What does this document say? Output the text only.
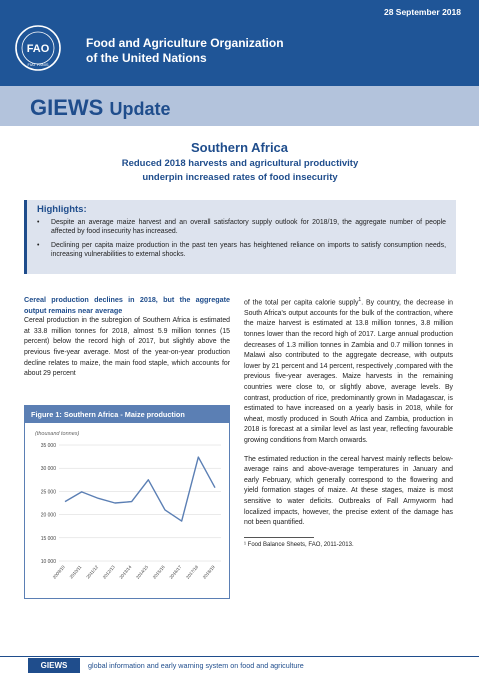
28 September 2018
FAO
FIAT PANIS
Food and Agriculture Organization
of the United Nations
GIEWS Update
Southern Africa
Reduced 2018 harvests and agricultural productivity
underpin increased rates of food insecurity
Highlights:
• Despite an average maize harvest and an overall satisfactory supply outlook for 2018/19, the aggregate number of people affected by food insecurity has increased.
• Declining per capita maize production in the past ten years has heightened reliance on imports to satisfy consumption needs, increasing vulnerabilities to external shocks.
Cereal production declines in 2018, but the aggregate output remains near average

Cereal production in the subregion of Southern Africa is estimated at 33.8 million tonnes for 2018, almost 5.9 million tonnes (15 percent) below the record high of 2017, but slightly above the previous five-year average. Most of the year-on-year production decline relates to maize, the main food staple, which accounts for about 29 percent

Figure 1: Southern Africa - Maize production
(thousand tonnes)
35 000
30 000
25 000
20 000
15 000
10 000
2009/10 2010/11 2011/12 2012/13 2013/14 2014/15 2015/16 2016/17 2017/18 2018/19

of the total per capita calorie supply$^1$. By country, the decrease in South Africa's output accounts for the bulk of the contraction, where the maize harvest is estimated at 13.8 million tonnes, 3.8 million tonnes lower than the record high of 2017. Large annual production decreases of 1.3 million tonnes in Zambia and 0.7 million tonnes in Malawi also contributed to the aggregate decrease, with outputs lower by 21 percent and 14 percent, respectively ,compared with the previous five-year averages. Maize harvests in the remaining countries were close to, or slightly above, average levels. By contrast, production of rice, predominantly grown in Madagascar, is estimated to have increased on a yearly basis in 2018, while for wheat, mostly produced in South Africa and Zambia, production in 2018 is forecast at a similar level as last year, reflecting favourable growing conditions from March onwards.

The estimated reduction in the cereal harvest mainly reflects below-average rains and above-average temperatures in January and early February, which generally correspond to the flowering and yield formation stages of maize. At these stages, maize is most sensitive to water deficits. Outbreaks of Fall Armyworm had localized impacts, however, the precise extent of the damage has not been quantified.

¹ Food Balance Sheets, FAO, 2011-2013.
GIEWS	global information and early warning system on food and agriculture
